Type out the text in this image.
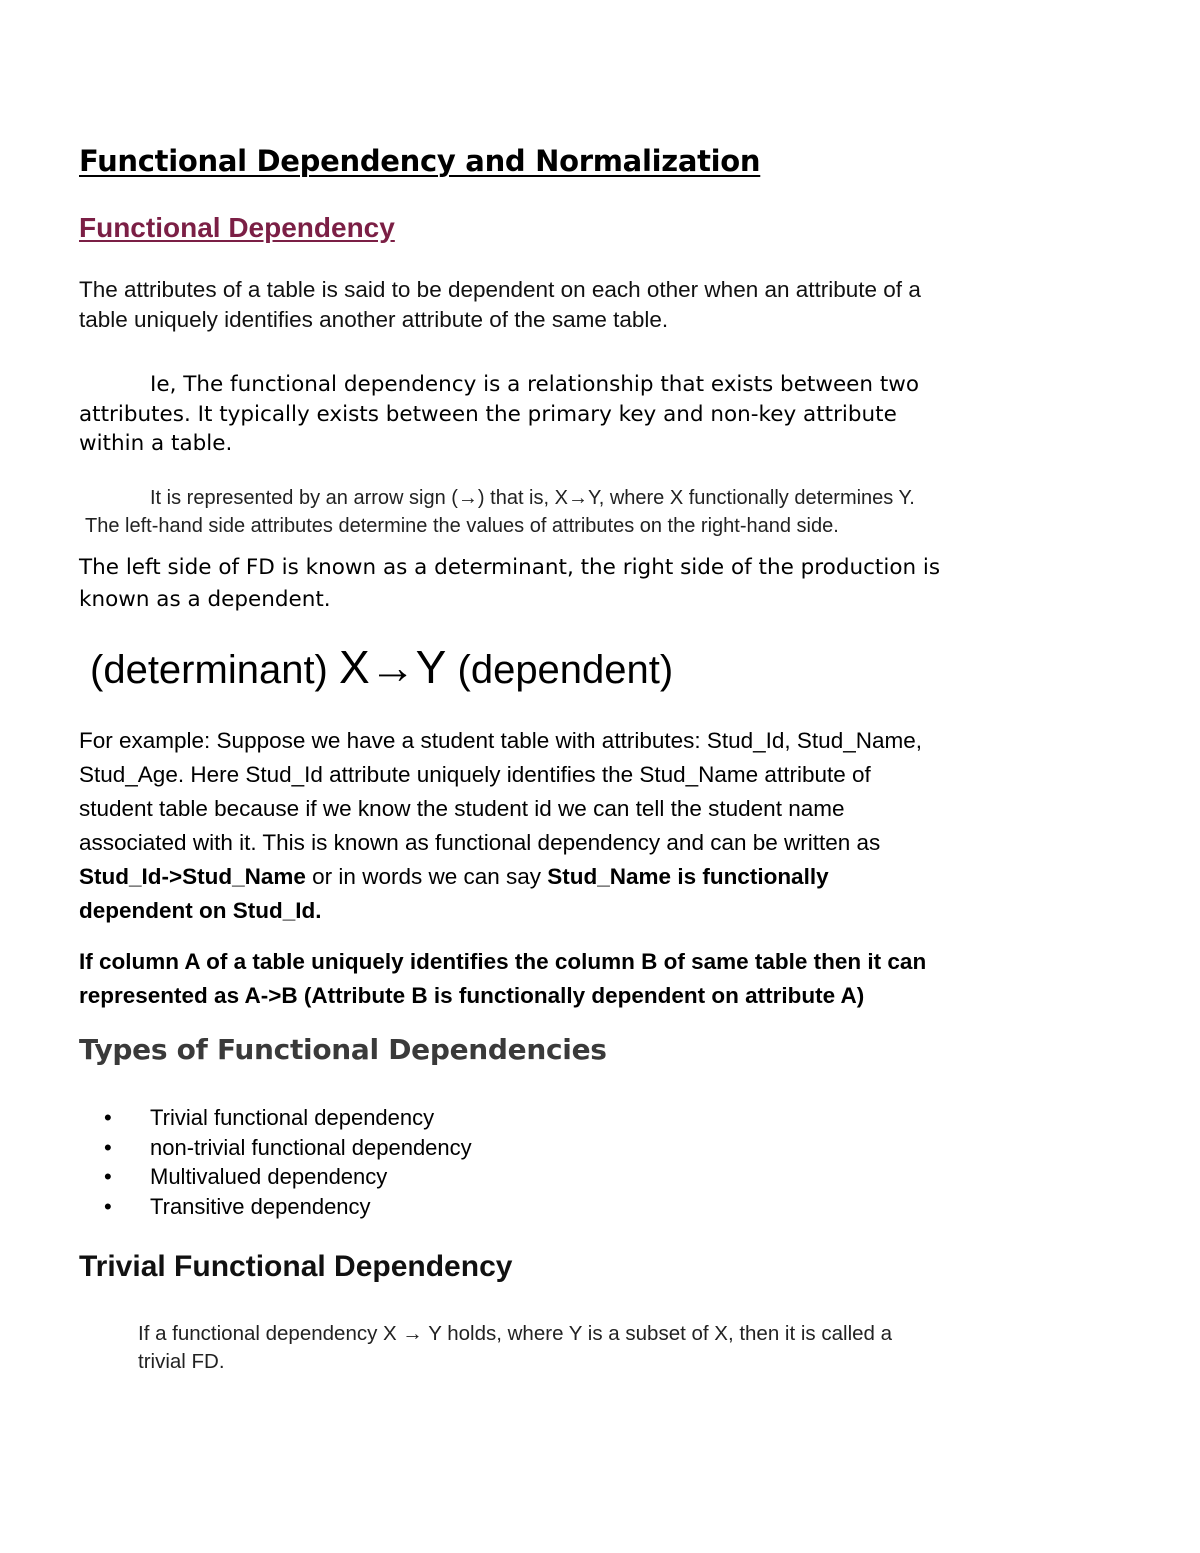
Functional Dependency and Normalization
Functional Dependency
The attributes of a table is said to be dependent on each other when an attribute of a
table uniquely identifies another attribute of the same table.
Ie, The functional dependency is a relationship that exists between two
attributes. It typically exists between the primary key and non-key attribute
within a table.
It is represented by an arrow sign (→) that is, X→Y, where X functionally determines Y.
The left-hand side attributes determine the values of attributes on the right-hand side.
The left side of FD is known as a determinant, the right side of the production is
known as a dependent.
(determinant) X→Y (dependent)
For example: Suppose we have a student table with attributes: Stud_Id, Stud_Name,
Stud_Age. Here Stud_Id attribute uniquely identifies the Stud_Name attribute of
student table because if we know the student id we can tell the student name
associated with it. This is known as functional dependency and can be written as
Stud_Id->Stud_Name or in words we can say Stud_Name is functionally
dependent on Stud_Id.
If column A of a table uniquely identifies the column B of same table then it can
represented as A->B (Attribute B is functionally dependent on attribute A)
Types of Functional Dependencies
• Trivial functional dependency
• non-trivial functional dependency
• Multivalued dependency
• Transitive dependency
Trivial Functional Dependency
If a functional dependency X → Y holds, where Y is a subset of X, then it is called a
trivial FD.
